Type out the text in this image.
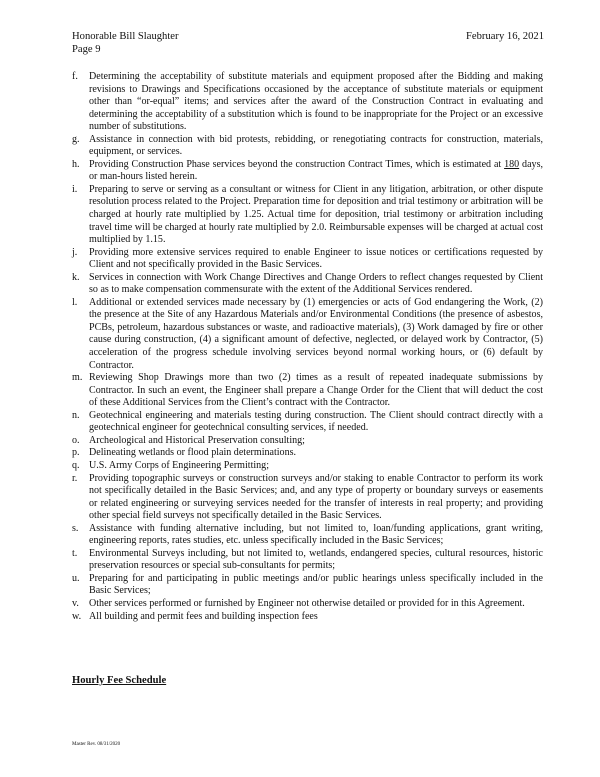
Honorable Bill Slaughter
Page 9
February 16, 2021
f. Determining the acceptability of substitute materials and equipment proposed after the Bidding and making revisions to Drawings and Specifications occasioned by the acceptance of substitute materials or equipment other than “or-equal” items; and services after the award of the Construction Contract in evaluating and determining the acceptability of a substitution which is found to be inappropriate for the Project or an excessive number of substitutions.
g. Assistance in connection with bid protests, rebidding, or renegotiating contracts for construction, materials, equipment, or services.
h. Providing Construction Phase services beyond the construction Contract Times, which is estimated at 180 days, or man-hours listed herein.
i. Preparing to serve or serving as a consultant or witness for Client in any litigation, arbitration, or other dispute resolution process related to the Project. Preparation time for deposition and trial testimony or arbitration will be charged at hourly rate multiplied by 1.25. Actual time for deposition, trial testimony or arbitration including travel time will be charged at hourly rate multiplied by 2.0. Reimbursable expenses will be charged at actual cost multiplied by 1.15.
j. Providing more extensive services required to enable Engineer to issue notices or certifications requested by Client and not specifically provided in the Basic Services.
k. Services in connection with Work Change Directives and Change Orders to reflect changes requested by Client so as to make compensation commensurate with the extent of the Additional Services rendered.
l. Additional or extended services made necessary by (1) emergencies or acts of God endangering the Work, (2) the presence at the Site of any Hazardous Materials and/or Environmental Conditions (the presence of asbestos, PCBs, petroleum, hazardous substances or waste, and radioactive materials), (3) Work damaged by fire or other cause during construction, (4) a significant amount of defective, neglected, or delayed work by Contractor, (5) acceleration of the progress schedule involving services beyond normal working hours, or (6) default by Contractor.
m. Reviewing Shop Drawings more than two (2) times as a result of repeated inadequate submissions by Contractor. In such an event, the Engineer shall prepare a Change Order for the Client that will deduct the cost of these Additional Services from the Client’s contract with the Contractor.
n. Geotechnical engineering and materials testing during construction. The Client should contract directly with a geotechnical engineer for geotechnical consulting services, if needed.
o. Archeological and Historical Preservation consulting;
p. Delineating wetlands or flood plain determinations.
q. U.S. Army Corps of Engineering Permitting;
r. Providing topographic surveys or construction surveys and/or staking to enable Contractor to perform its work not specifically detailed in the Basic Services; and, and any type of property or boundary surveys or easements or related engineering or surveying services needed for the transfer of interests in real property; and providing other special field surveys not specifically detailed in the Basic Services.
s. Assistance with funding alternative including, but not limited to, loan/funding applications, grant writing, engineering reports, rates studies, etc. unless specifically included in the Basic Services;
t. Environmental Surveys including, but not limited to, wetlands, endangered species, cultural resources, historic preservation resources or special sub-consultants for permits;
u. Preparing for and participating in public meetings and/or public hearings unless specifically included in the Basic Services;
v. Other services performed or furnished by Engineer not otherwise detailed or provided for in this Agreement.
w. All building and permit fees and building inspection fees
Hourly Fee Schedule
Master Rev. 08/31/2020
